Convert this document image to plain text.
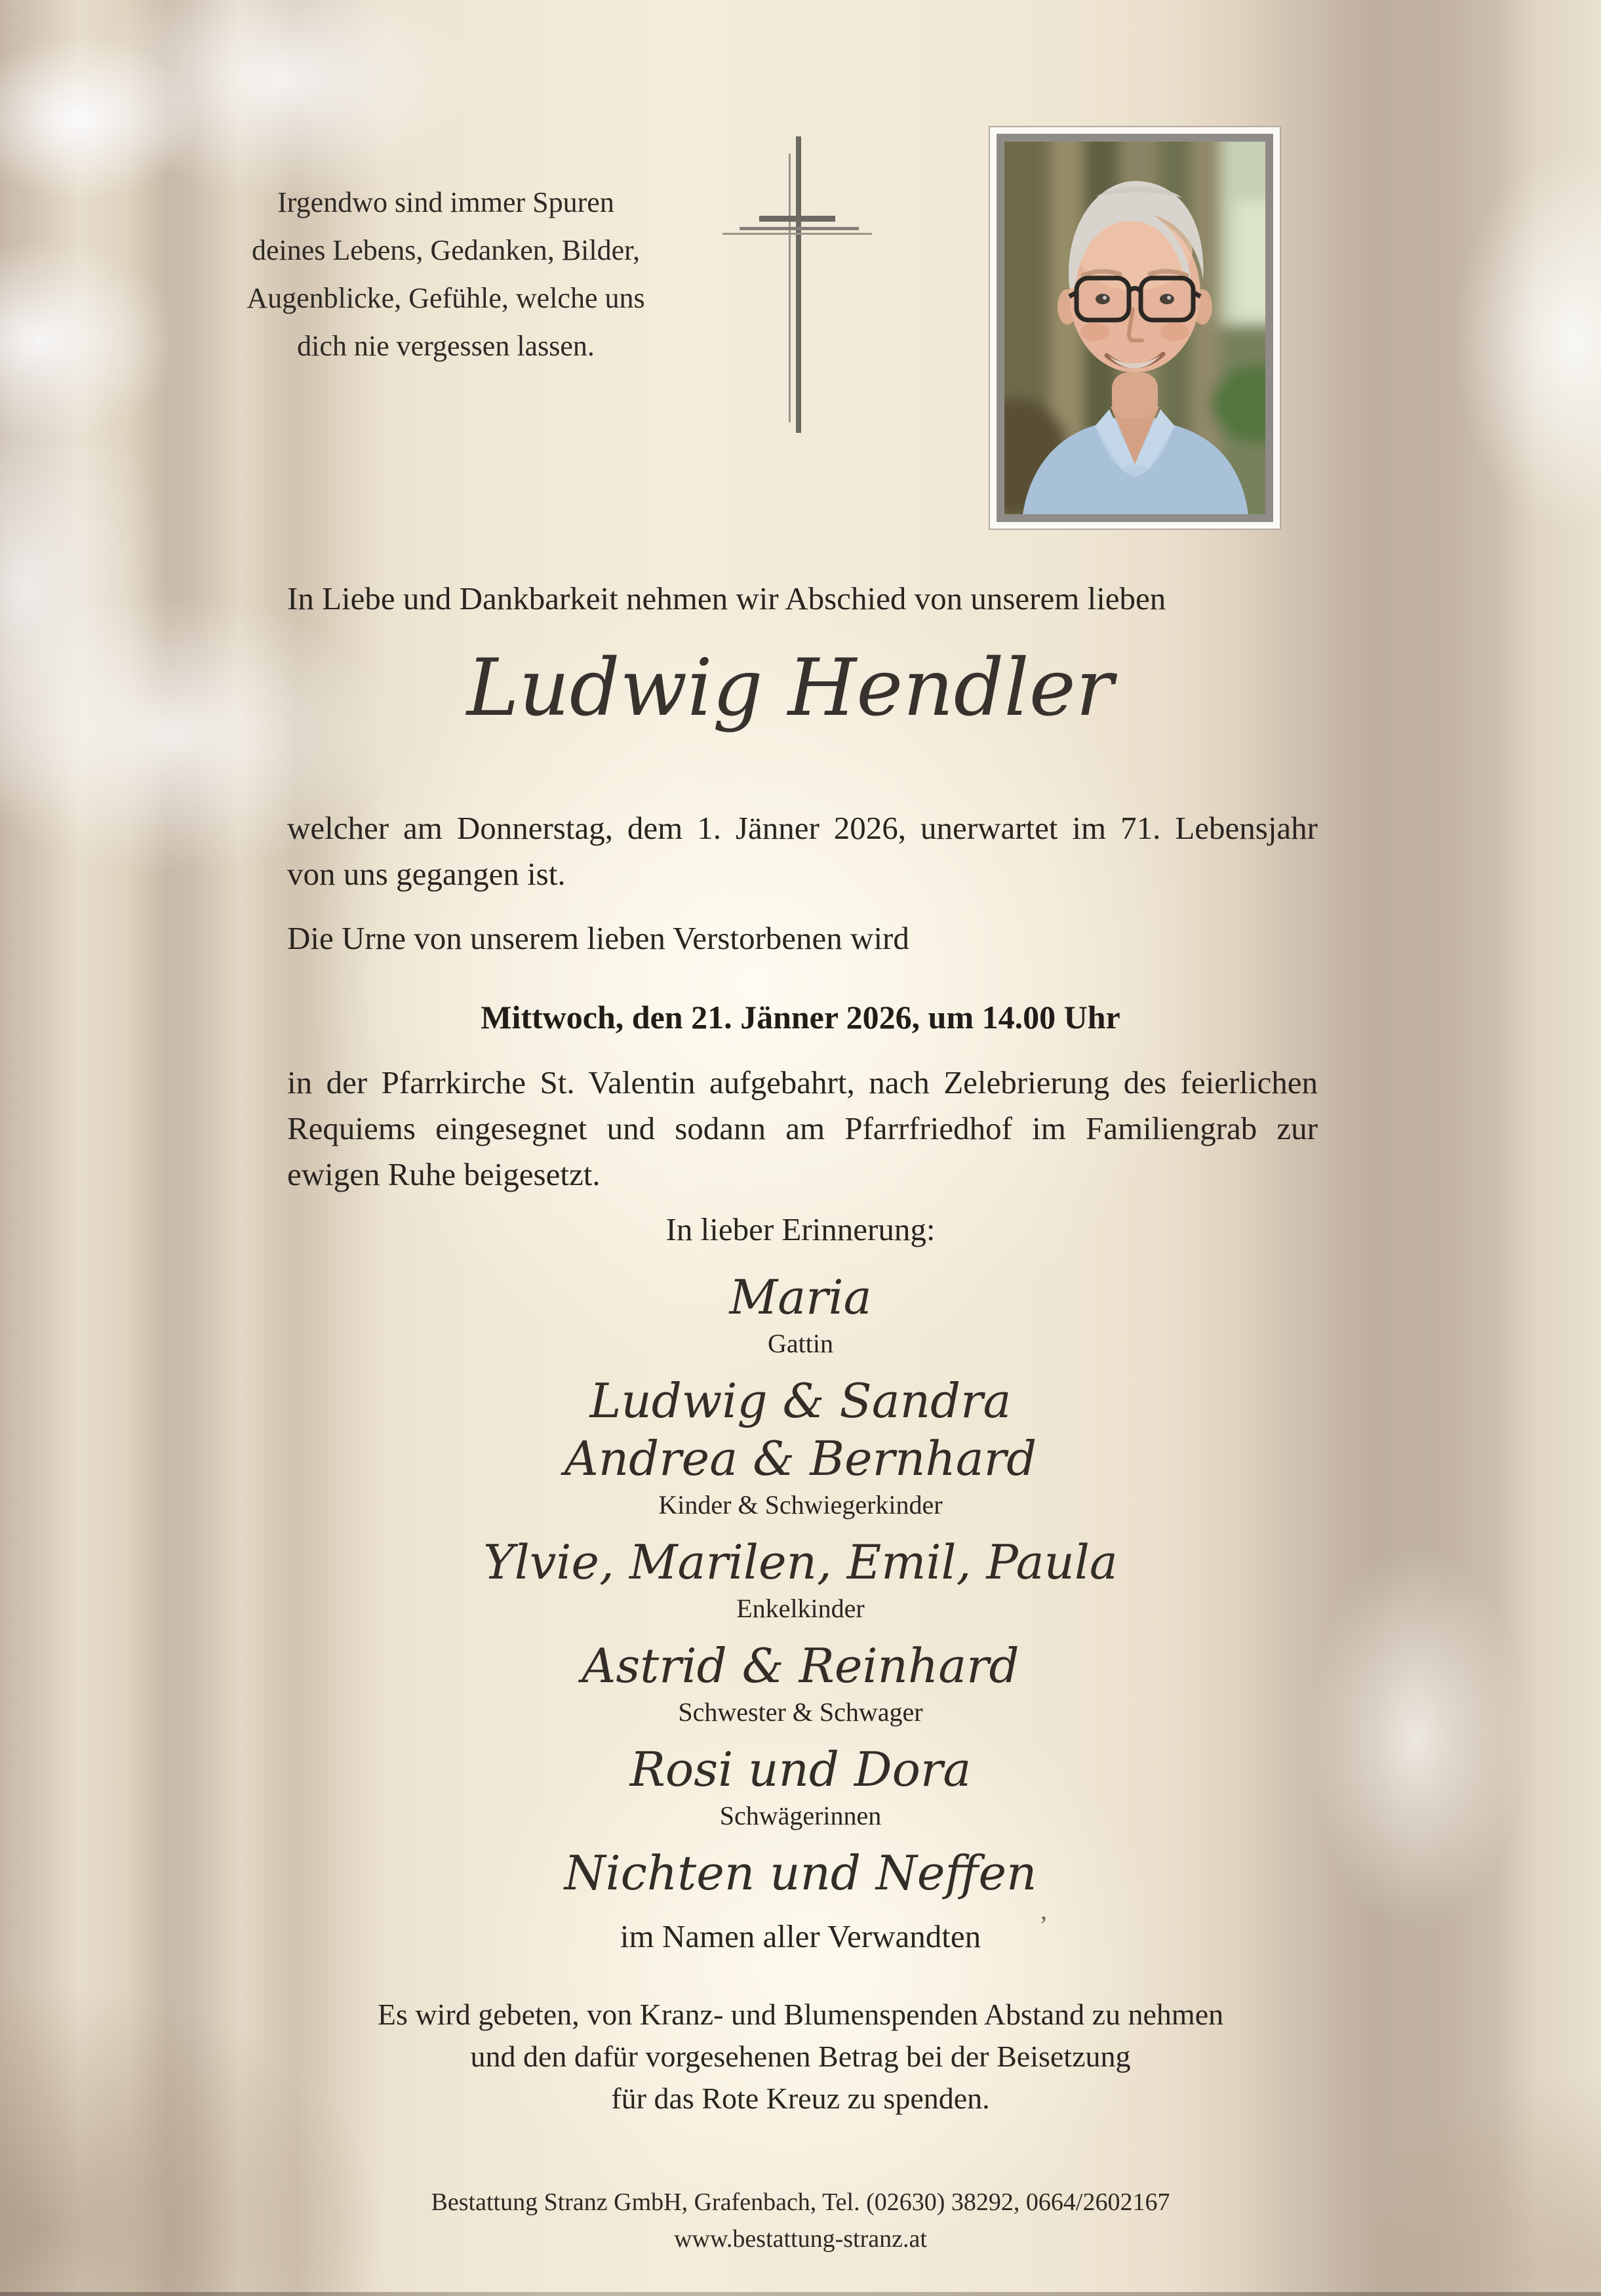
Irgendwo sind immer Spuren
deines Lebens, Gedanken, Bilder,
Augenblicke, Gefühle, welche uns
dich nie vergessen lassen.
In Liebe und Dankbarkeit nehmen wir Abschied von unserem lieben
Ludwig Hendler
welcher am Donnerstag, dem 1. Jänner 2026, unerwartet im 71. Lebensjahr
von uns gegangen ist.
Die Urne von unserem lieben Verstorbenen wird
Mittwoch, den 21. Jänner 2026, um 14.00 Uhr
in der Pfarrkirche St. Valentin aufgebahrt, nach Zelebrierung des feierlichen
Requiems eingesegnet und sodann am Pfarrfriedhof im Familiengrab zur
ewigen Ruhe beigesetzt.
In lieber Erinnerung:
Maria
Gattin
Ludwig & Sandra
Andrea & Bernhard
Kinder & Schwiegerkinder
Ylvie, Marilen, Emil, Paula
Enkelkinder
Astrid & Reinhard
Schwester & Schwager
Rosi und Dora
Schwägerinnen
Nichten und Neffen
im Namen aller Verwandten	’
Es wird gebeten, von Kranz- und Blumenspenden Abstand zu nehmen
und den dafür vorgesehenen Betrag bei der Beisetzung
für das Rote Kreuz zu spenden.
Bestattung Stranz GmbH, Grafenbach, Tel. (02630) 38292, 0664/2602167
www.bestattung-stranz.at
